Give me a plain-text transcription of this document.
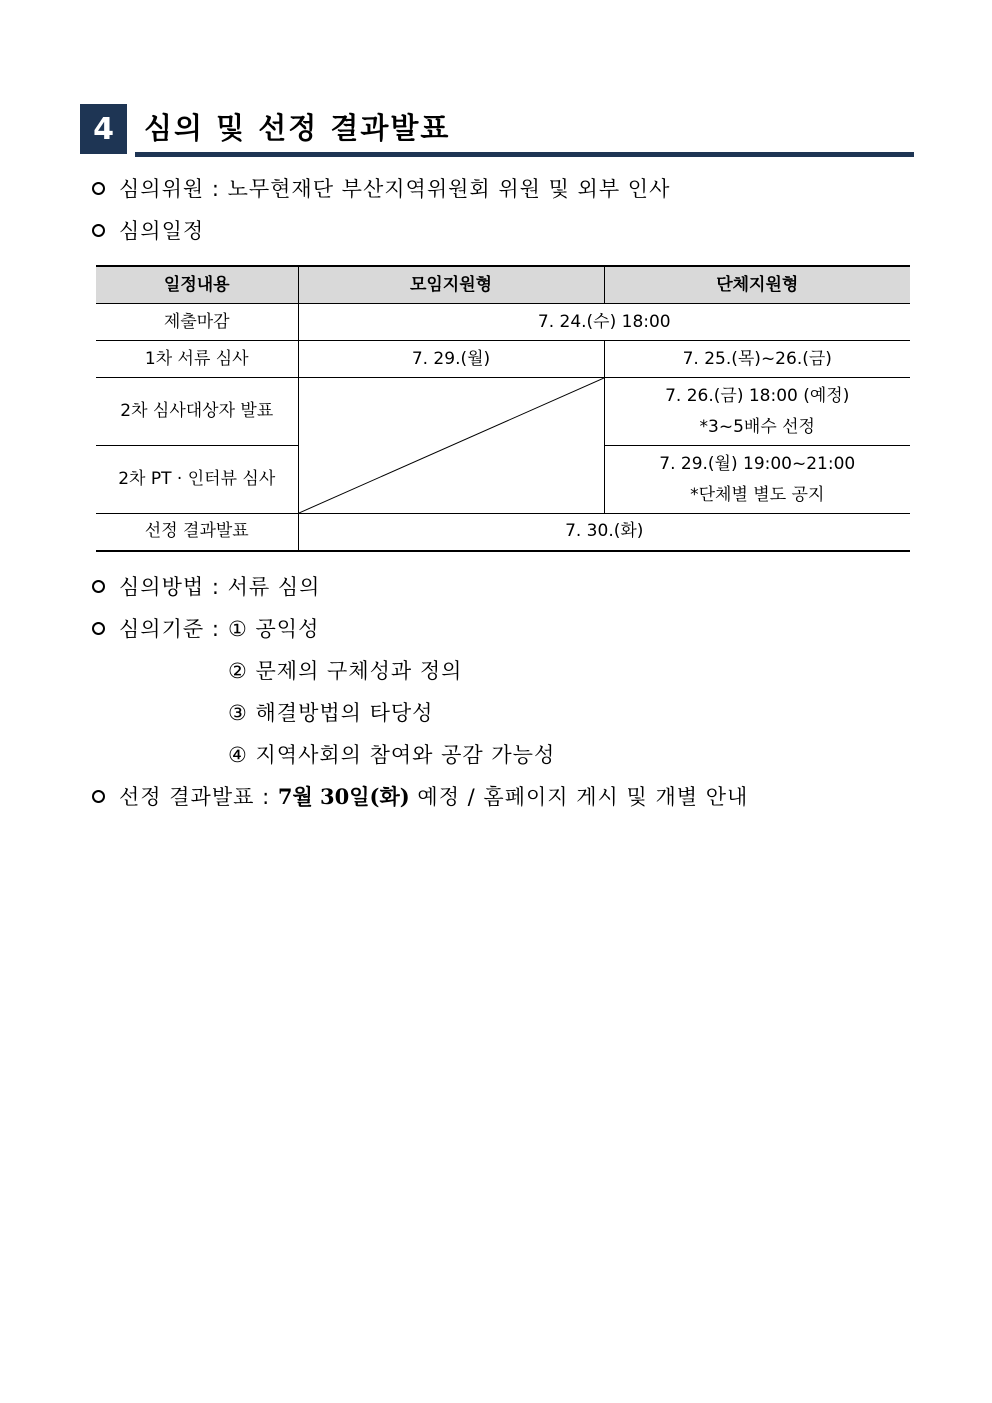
4	심의 및 선정 결과발표
심의위원 : 노무현재단 부산지역위원회 위원 및 외부 인사
심의일정
일정내용	모임지원형	단체지원형
제출마감	7. 24.(수) 18:00	
1차 서류 심사	7. 29.(월)	7. 25.(목)~26.(금)
2차 심사대상자 발표		7. 26.(금) 18:00 (예정)
*3~5배수 선정

2차 PT · 인터뷰 심사		7. 29.(월) 19:00~21:00
*단체별 별도 공지

선정 결과발표	7. 30.(화)	
심의방법 : 서류 심의
심의기준 : ① 공익성
② 문제의 구체성과 정의
③ 해결방법의 타당성
④ 지역사회의 참여와 공감 가능성
선정 결과발표 : 7월 30일(화) 예정 / 홈페이지 게시 및 개별 안내
